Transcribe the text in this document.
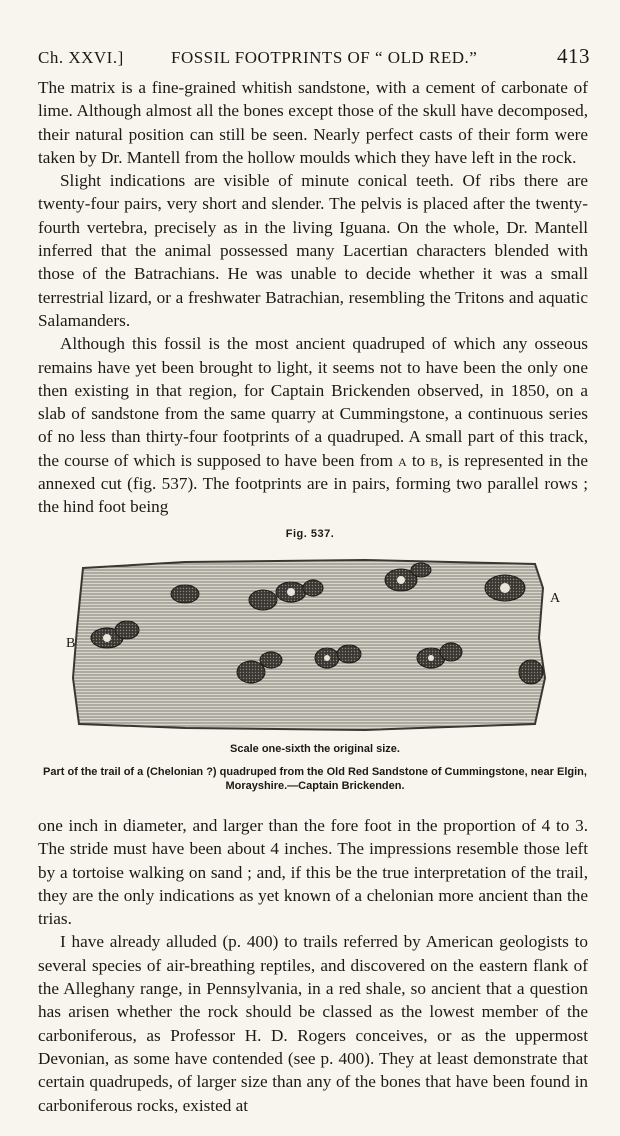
Ch. XXVI.]	FOSSIL FOOTPRINTS OF “ OLD RED.”	413

The matrix is a fine-grained whitish sandstone, with a cement of carbonate of lime. Although almost all the bones except those of the skull have decomposed, their natural position can still be seen. Nearly perfect casts of their form were taken by Dr. Mantell from the hollow moulds which they have left in the rock.

Slight indications are visible of minute conical teeth. Of ribs there are twenty-four pairs, very short and slender. The pelvis is placed after the twenty-fourth vertebra, precisely as in the living Iguana. On the whole, Dr. Mantell inferred that the animal possessed many Lacertian characters blended with those of the Batrachians. He was unable to decide whether it was a small terrestrial lizard, or a freshwater Batrachian, resembling the Tritons and aquatic Salamanders.

Although this fossil is the most ancient quadruped of which any osseous remains have yet been brought to light, it seems not to have been the only one then existing in that region, for Captain Brickenden observed, in 1850, on a slab of sandstone from the same quarry at Cummingstone, a continuous series of no less than thirty-four footprints of a quadruped. A small part of this track, the course of which is supposed to have been from a to b, is represented in the annexed cut (fig. 537). The footprints are in pairs, forming two parallel rows ; the hind foot being

Fig. 537.
A
B
Scale one-sixth the original size.
Part of the trail of a (Chelonian ?) quadruped from the Old Red Sandstone of Cummingstone, near Elgin, Morayshire.—Captain Brickenden.

one inch in diameter, and larger than the fore foot in the proportion of 4 to 3. The stride must have been about 4 inches. The impressions resemble those left by a tortoise walking on sand ; and, if this be the true interpretation of the trail, they are the only indications as yet known of a chelonian more ancient than the trias.

I have already alluded (p. 400) to trails referred by American geologists to several species of air-breathing reptiles, and discovered on the eastern flank of the Alleghany range, in Pennsylvania, in a red shale, so ancient that a question has arisen whether the rock should be classed as the lowest member of the carboniferous, as Professor H. D. Rogers conceives, or as the uppermost Devonian, as some have contended (see p. 400). They at least demonstrate that certain quadrupeds, of larger size than any of the bones that have been found in carboniferous rocks, existed at
